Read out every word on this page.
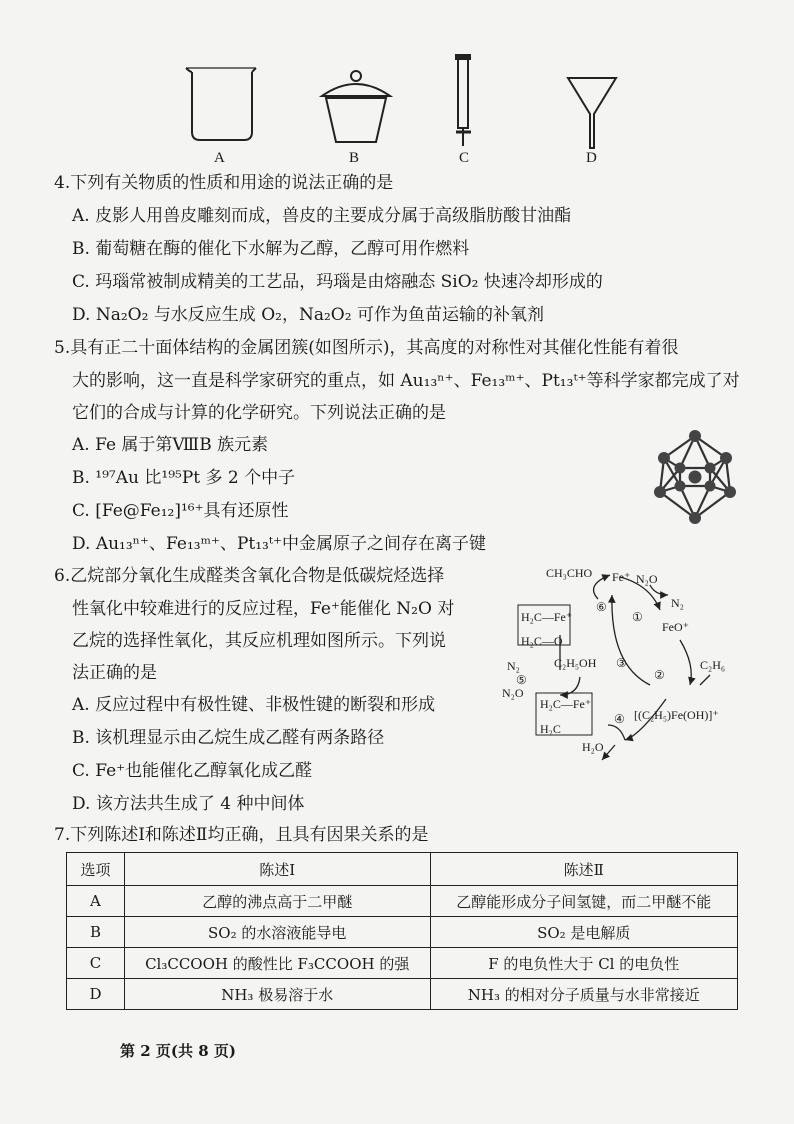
A	B	C	D
4.下列有关物质的性质和用途的说法正确的是
A. 皮影人用兽皮雕刻而成，兽皮的主要成分属于高级脂肪酸甘油酯
B. 葡萄糖在酶的催化下水解为乙醇，乙醇可用作燃料
C. 玛瑙常被制成精美的工艺品，玛瑙是由熔融态 SiO₂ 快速冷却形成的
D. Na₂O₂ 与水反应生成 O₂，Na₂O₂ 可作为鱼苗运输的补氧剂
5.具有正二十面体结构的金属团簇(如图所示)，其高度的对称性对其催化性能有着很
大的影响，这一直是科学家研究的重点，如 Au₁₃ⁿ⁺、Fe₁₃ᵐ⁺、Pt₁₃ᵗ⁺等科学家都完成了对
它们的合成与计算的化学研究。下列说法正确的是
A. Fe 属于第ⅧB 族元素
B. ¹⁹⁷Au 比¹⁹⁵Pt 多 2 个中子
C. [Fe@Fe₁₂]¹⁶⁺具有还原性
D. Au₁₃ⁿ⁺、Fe₁₃ᵐ⁺、Pt₁₃ᵗ⁺中金属原子之间存在离子键
6.乙烷部分氧化生成醛类含氧化合物是低碳烷烃选择
性氧化中较难进行的反应过程，Fe⁺能催化 N₂O 对
乙烷的选择性氧化，其反应机理如图所示。下列说
法正确的是
A. 反应过程中有极性键、非极性键的断裂和形成
B. 该机理显示由乙烷生成乙醛有两条路径
C. Fe⁺也能催化乙醇氧化成乙醛
D. 该方法共生成了 4 种中间体
CH₃CHO Fe⁺ N₂O
N₂
⑥
①
FeO⁺
H₂C—Fe⁺
H₂C—O
N₂	C₂H₅OH ③
②
C₂H₆
⑤
N₂O
H₂C—Fe⁺
H₂C
④ [(C₂H₅)Fe(OH)]⁺
H₂O
7.下列陈述Ⅰ和陈述Ⅱ均正确，且具有因果关系的是
选项	陈述Ⅰ	陈述Ⅱ
A	乙醇的沸点高于二甲醚	乙醇能形成分子间氢键，而二甲醚不能
B	SO₂ 的水溶液能导电	SO₂ 是电解质
C	Cl₃CCOOH 的酸性比 F₃CCOOH 的强	F 的电负性大于 Cl 的电负性
D	NH₃ 极易溶于水	NH₃ 的相对分子质量与水非常接近
第 2 页(共 8 页)
